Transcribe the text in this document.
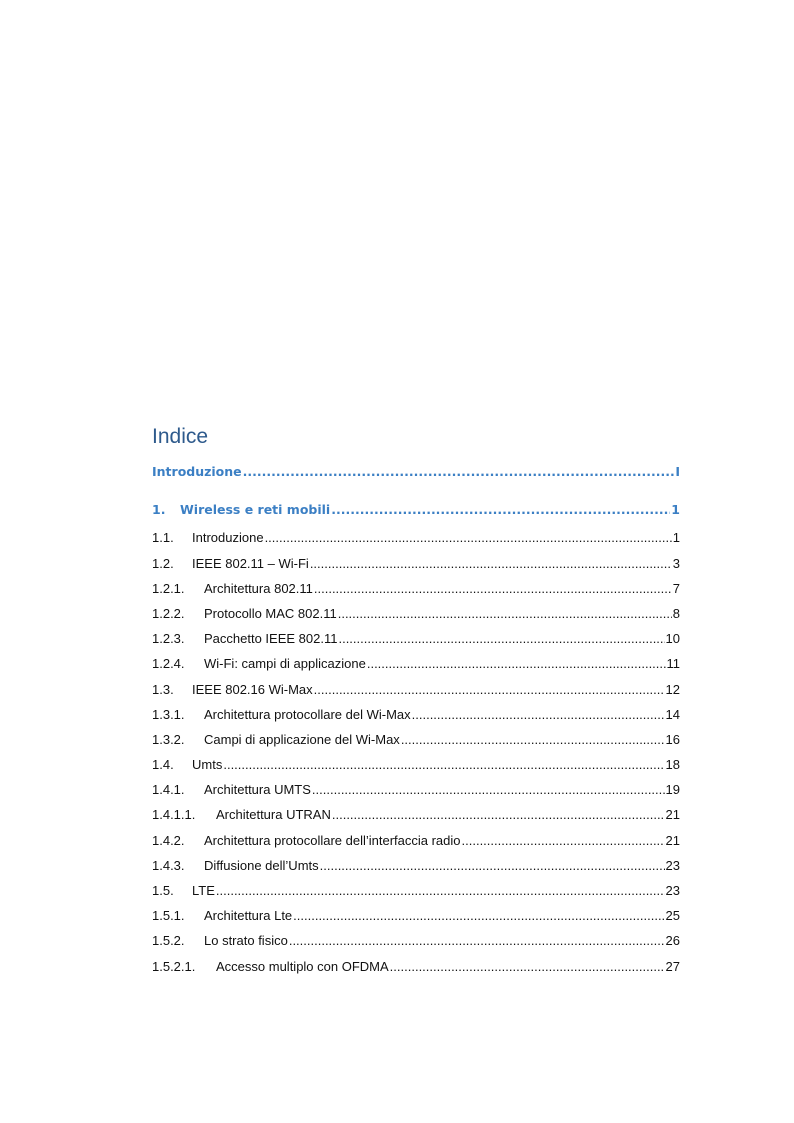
Indice
Introduzione .....	I
1.	Wireless e reti mobili .....	1
1.1.	Introduzione .....	1
1.2.	IEEE 802.11 – Wi-Fi .....	3
1.2.1.	Architettura 802.11 .....	7
1.2.2.	Protocollo MAC 802.11 .....	8
1.2.3.	Pacchetto IEEE 802.11 .....	10
1.2.4.	Wi-Fi: campi di applicazione .....	11
1.3.	IEEE 802.16 Wi-Max .....	12
1.3.1.	Architettura protocollare del Wi-Max .....	14
1.3.2.	Campi di applicazione del Wi-Max .....	16
1.4.	Umts .....	18
1.4.1.	Architettura UMTS .....	19
1.4.1.1.	Architettura UTRAN .....	21
1.4.2.	Architettura protocollare dell’interfaccia radio .....	21
1.4.3.	Diffusione dell’Umts .....	23
1.5.	LTE .....	23
1.5.1.	Architettura Lte .....	25
1.5.2.	Lo strato fisico .....	26
1.5.2.1.	Accesso multiplo con OFDMA .....	27
